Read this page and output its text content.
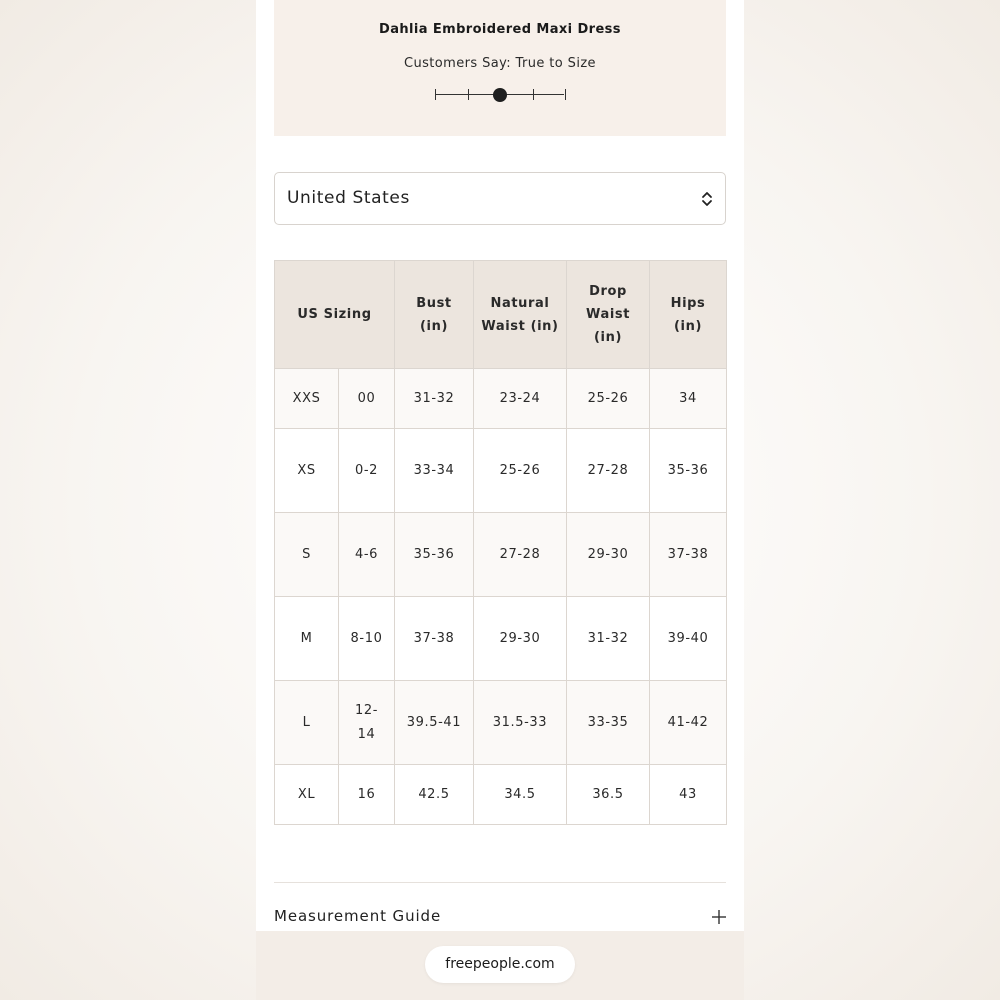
Dahlia Embroidered Maxi Dress
Customers Say: True to Size
United States
US Sizing		Bust (in)	Natural Waist (in)	Drop Waist (in)	Hips (in)
XXS	00	31-32	23-24	25-26	34
XS	0-2	33-34	25-26	27-28	35-36
S	4-6	35-36	27-28	29-30	37-38
M	8-10	37-38	29-30	31-32	39-40
L	12-14	39.5-41	31.5-33	33-35	41-42
XL	16	42.5	34.5	36.5	43
Measurement Guide
freepeople.com
